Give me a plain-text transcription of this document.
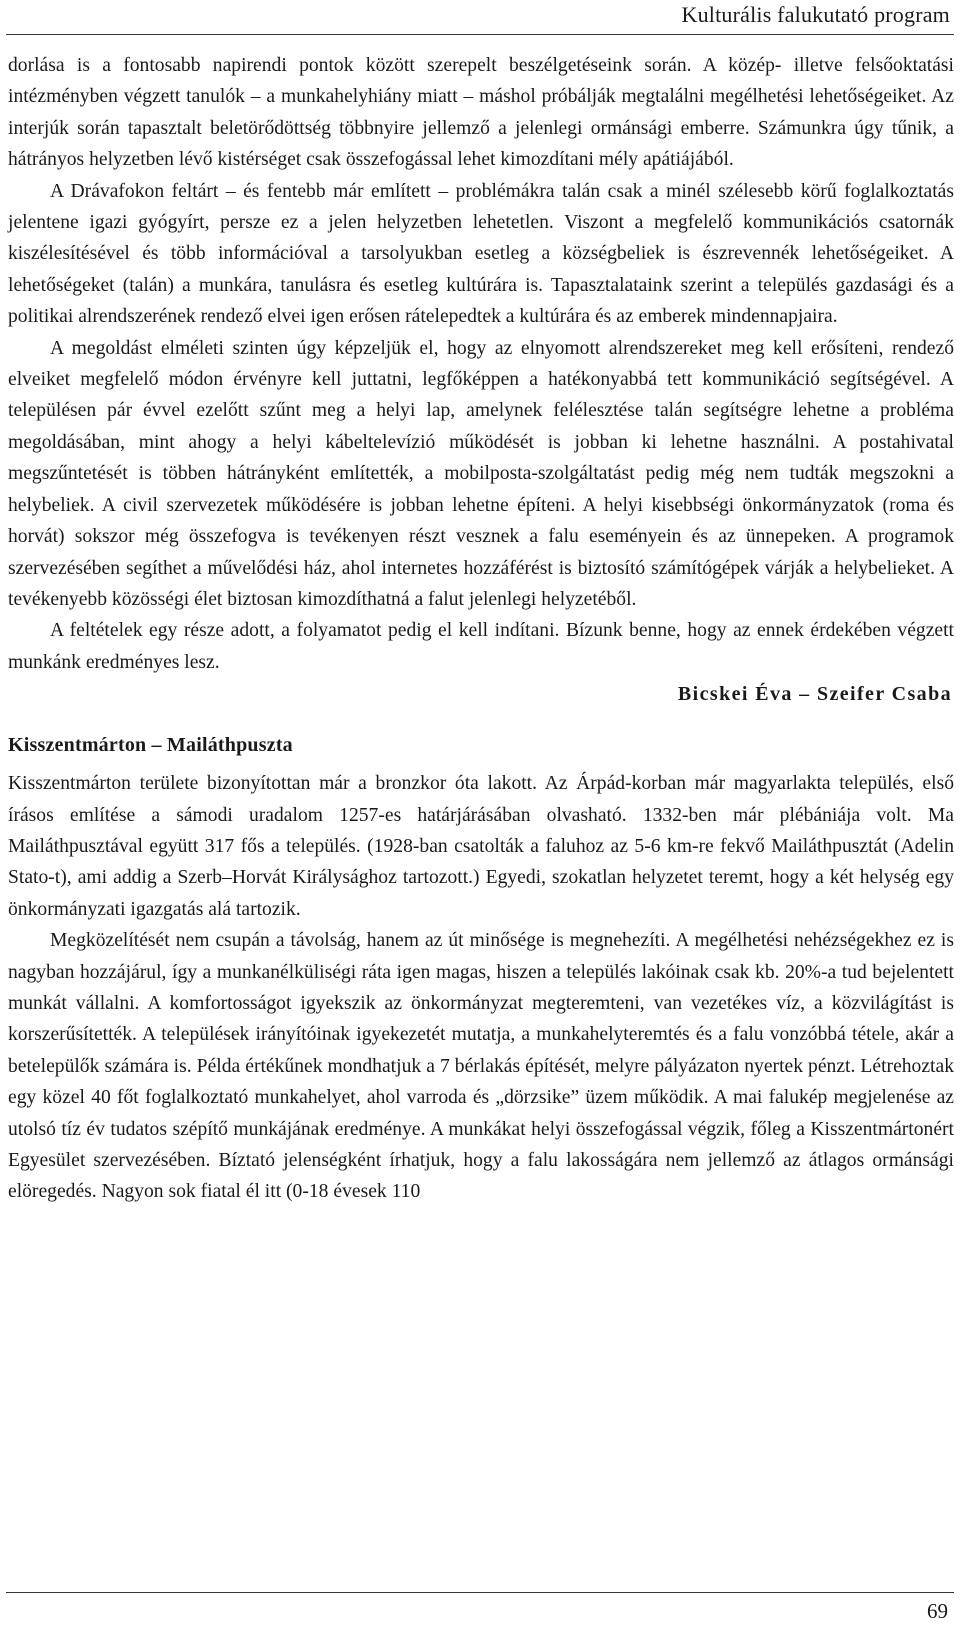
Kulturális falukutató program

dorlása is a fontosabb napirendi pontok között szerepelt beszélgetéseink során. A közép- illetve felsőoktatási intézményben végzett tanulók – a munkahelyhiány miatt – máshol próbálják megtalálni megélhetési lehetőségeiket. Az interjúk során tapasztalt beletörődöttség többnyire jellemző a jelenlegi ormánsági emberre. Számunkra úgy tűnik, a hátrányos helyzetben lévő kistérséget csak összefogással lehet kimozdítani mély apátiájából.

A Drávafokon feltárt – és fentebb már említett – problémákra talán csak a minél szélesebb körű foglalkoztatás jelentene igazi gyógyírt, persze ez a jelen helyzetben lehetetlen. Viszont a megfelelő kommunikációs csatornák kiszélesítésével és több információval a tarsolyukban esetleg a községbeliek is észrevennék lehetőségeiket. A lehetőségeket (talán) a munkára, tanulásra és esetleg kultúrára is. Tapasztalataink szerint a település gazdasági és a politikai alrendszerének rendező elvei igen erősen rátelepedtek a kultúrára és az emberek mindennapjaira.

A megoldást elméleti szinten úgy képzeljük el, hogy az elnyomott alrendszereket meg kell erősíteni, rendező elveiket megfelelő módon érvényre kell juttatni, legfőképpen a hatékonyabbá tett kommunikáció segítségével. A településen pár évvel ezelőtt szűnt meg a helyi lap, amelynek felélesztése talán segítségre lehetne a probléma megoldásában, mint ahogy a helyi kábeltelevízió működését is jobban ki lehetne használni. A postahivatal megszűntetését is többen hátrányként említették, a mobilposta-szolgáltatást pedig még nem tudták megszokni a helybeliek. A civil szervezetek működésére is jobban lehetne építeni. A helyi kisebbségi önkormányzatok (roma és horvát) sokszor még összefogva is tevékenyen részt vesznek a falu eseményein és az ünnepeken. A programok szervezésében segíthet a művelődési ház, ahol internetes hozzáférést is biztosító számítógépek várják a helybelieket. A tevékenyebb közösségi élet biztosan kimozdíthatná a falut jelenlegi helyzetéből.

A feltételek egy része adott, a folyamatot pedig el kell indítani. Bízunk benne, hogy az ennek érdekében végzett munkánk eredményes lesz.

Bicskei Éva – Szeifer Csaba
Kisszentmárton – Mailáthpuszta

Kisszentmárton területe bizonyítottan már a bronzkor óta lakott. Az Árpád-korban már magyarlakta település, első írásos említése a sámodi uradalom 1257-es határjárásában olvasható. 1332-ben már plébániája volt. Ma Mailáthpusztával együtt 317 fős a település. (1928-ban csatolták a faluhoz az 5-6 km-re fekvő Mailáthpusztát (Adelin Stato-t), ami addig a Szerb–Horvát Királysághoz tartozott.) Egyedi, szokatlan helyzetet teremt, hogy a két helység egy önkormányzati igazgatás alá tartozik.

Megközelítését nem csupán a távolság, hanem az út minősége is megnehezíti. A megélhetési nehézségekhez ez is nagyban hozzájárul, így a munkanélküliségi ráta igen magas, hiszen a település lakóinak csak kb. 20%-a tud bejelentett munkát vállalni. A komfortosságot igyekszik az önkormányzat megteremteni, van vezetékes víz, a közvilágítást is korszerűsítették. A települések irányítóinak igyekezetét mutatja, a munkahelyteremtés és a falu vonzóbbá tétele, akár a betelepülők számára is. Példa értékűnek mondhatjuk a 7 bérlakás építését, melyre pályázaton nyertek pénzt. Létrehoztak egy közel 40 főt foglalkoztató munkahelyet, ahol varroda és „dörzsike” üzem működik. A mai falukép megjelenése az utolsó tíz év tudatos szépítő munkájának eredménye. A munkákat helyi összefogással végzik, főleg a Kisszentmártonért Egyesület szervezésében. Bíztató jelenségként írhatjuk, hogy a falu lakosságára nem jellemző az átlagos ormánsági elöregedés. Nagyon sok fiatal él itt (0-18 évesek 110

69
